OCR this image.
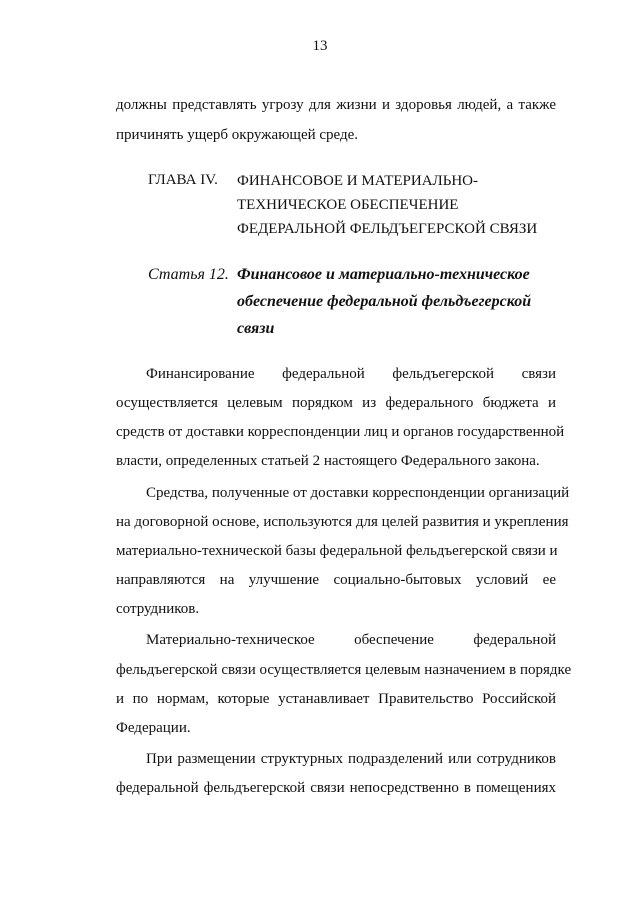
13
должны представлять угрозу для жизни и здоровья людей, а также
причинять ущерб окружающей среде.
ГЛАВА IV. ФИНАНСОВОЕ И МАТЕРИАЛЬНО-
ТЕХНИЧЕСКОЕ ОБЕСПЕЧЕНИЕ
ФЕДЕРАЛЬНОЙ ФЕЛЬДЪЕГЕРСКОЙ СВЯЗИ
Статья 12. Финансовое и материально-техническое
обеспечение федеральной фельдъегерской
связи
Финансирование федеральной фельдъегерской связи
осуществляется целевым порядком из федерального бюджета и
средств от доставки корреспонденции лиц и органов государственной
власти, определенных статьей 2 настоящего Федерального закона.
Средства, полученные от доставки корреспонденции организаций
на договорной основе, используются для целей развития и укрепления
материально-технической базы федеральной фельдъегерской связи и
направляются на улучшение социально-бытовых условий ее
сотрудников.
Материально-техническое обеспечение федеральной
фельдъегерской связи осуществляется целевым назначением в порядке
и по нормам, которые устанавливает Правительство Российской
Федерации.
При размещении структурных подразделений или сотрудников
федеральной фельдъегерской связи непосредственно в помещениях
